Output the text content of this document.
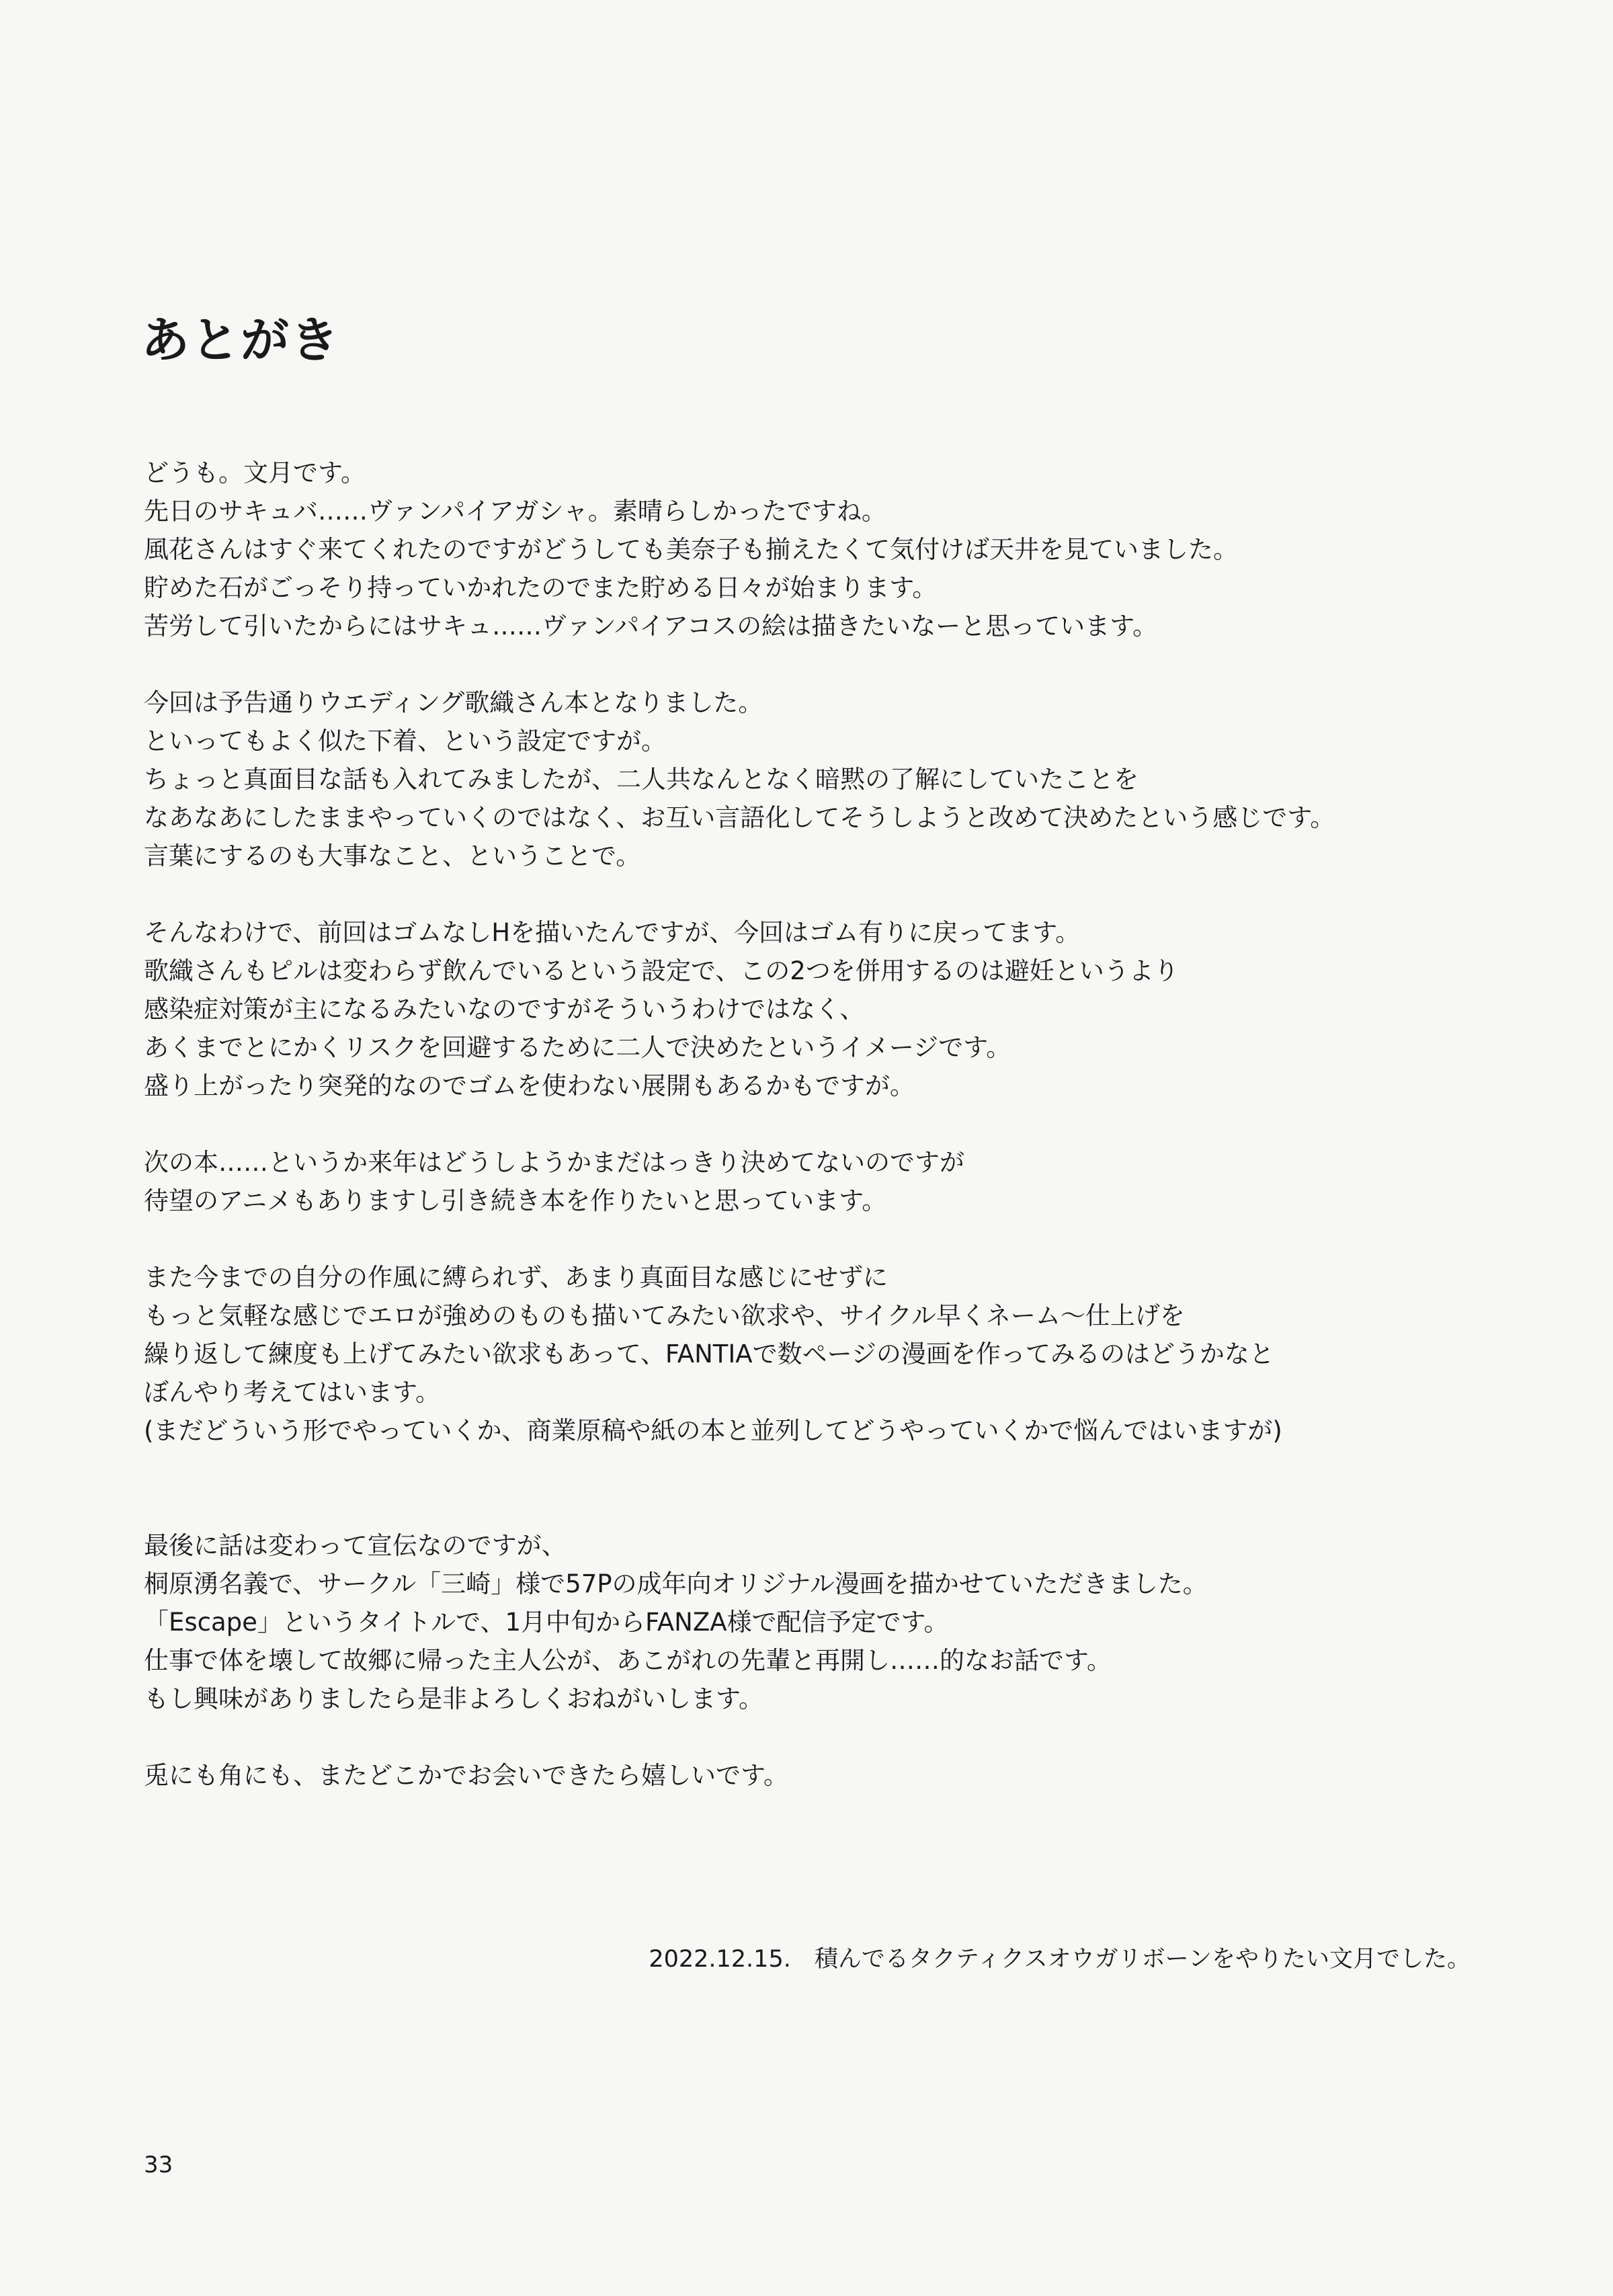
あとがき

どうも。文月です。
先日のサキュバ……ヴァンパイアガシャ。素晴らしかったですね。
風花さんはすぐ来てくれたのですがどうしても美奈子も揃えたくて気付けば天井を見ていました。
貯めた石がごっそり持っていかれたのでまた貯める日々が始まります。
苦労して引いたからにはサキュ……ヴァンパイアコスの絵は描きたいなーと思っています。

今回は予告通りウエディング歌織さん本となりました。
といってもよく似た下着、という設定ですが。
ちょっと真面目な話も入れてみましたが、二人共なんとなく暗黙の了解にしていたことを
なあなあにしたままやっていくのではなく、お互い言語化してそうしようと改めて決めたという感じです。
言葉にするのも大事なこと、ということで。

そんなわけで、前回はゴムなしHを描いたんですが、今回はゴム有りに戻ってます。
歌織さんもピルは変わらず飲んでいるという設定で、この2つを併用するのは避妊というより
感染症対策が主になるみたいなのですがそういうわけではなく、
あくまでとにかくリスクを回避するために二人で決めたというイメージです。
盛り上がったり突発的なのでゴムを使わない展開もあるかもですが。

次の本……というか来年はどうしようかまだはっきり決めてないのですが
待望のアニメもありますし引き続き本を作りたいと思っています。

また今までの自分の作風に縛られず、あまり真面目な感じにせずに
もっと気軽な感じでエロが強めのものも描いてみたい欲求や、サイクル早くネーム～仕上げを
繰り返して練度も上げてみたい欲求もあって、FANTIAで数ページの漫画を作ってみるのはどうかなと
ぼんやり考えてはいます。
(まだどういう形でやっていくか、商業原稿や紙の本と並列してどうやっていくかで悩んではいますが)

最後に話は変わって宣伝なのですが、
桐原湧名義で、サークル「三崎」様で57Pの成年向オリジナル漫画を描かせていただきました。
「Escape」というタイトルで、1月中旬からFANZA様で配信予定です。
仕事で体を壊して故郷に帰った主人公が、あこがれの先輩と再開し……的なお話です。
もし興味がありましたら是非よろしくおねがいします。

兎にも角にも、またどこかでお会いできたら嬉しいです。

2022.12.15.　積んでるタクティクスオウガリボーンをやりたい文月でした。
33
